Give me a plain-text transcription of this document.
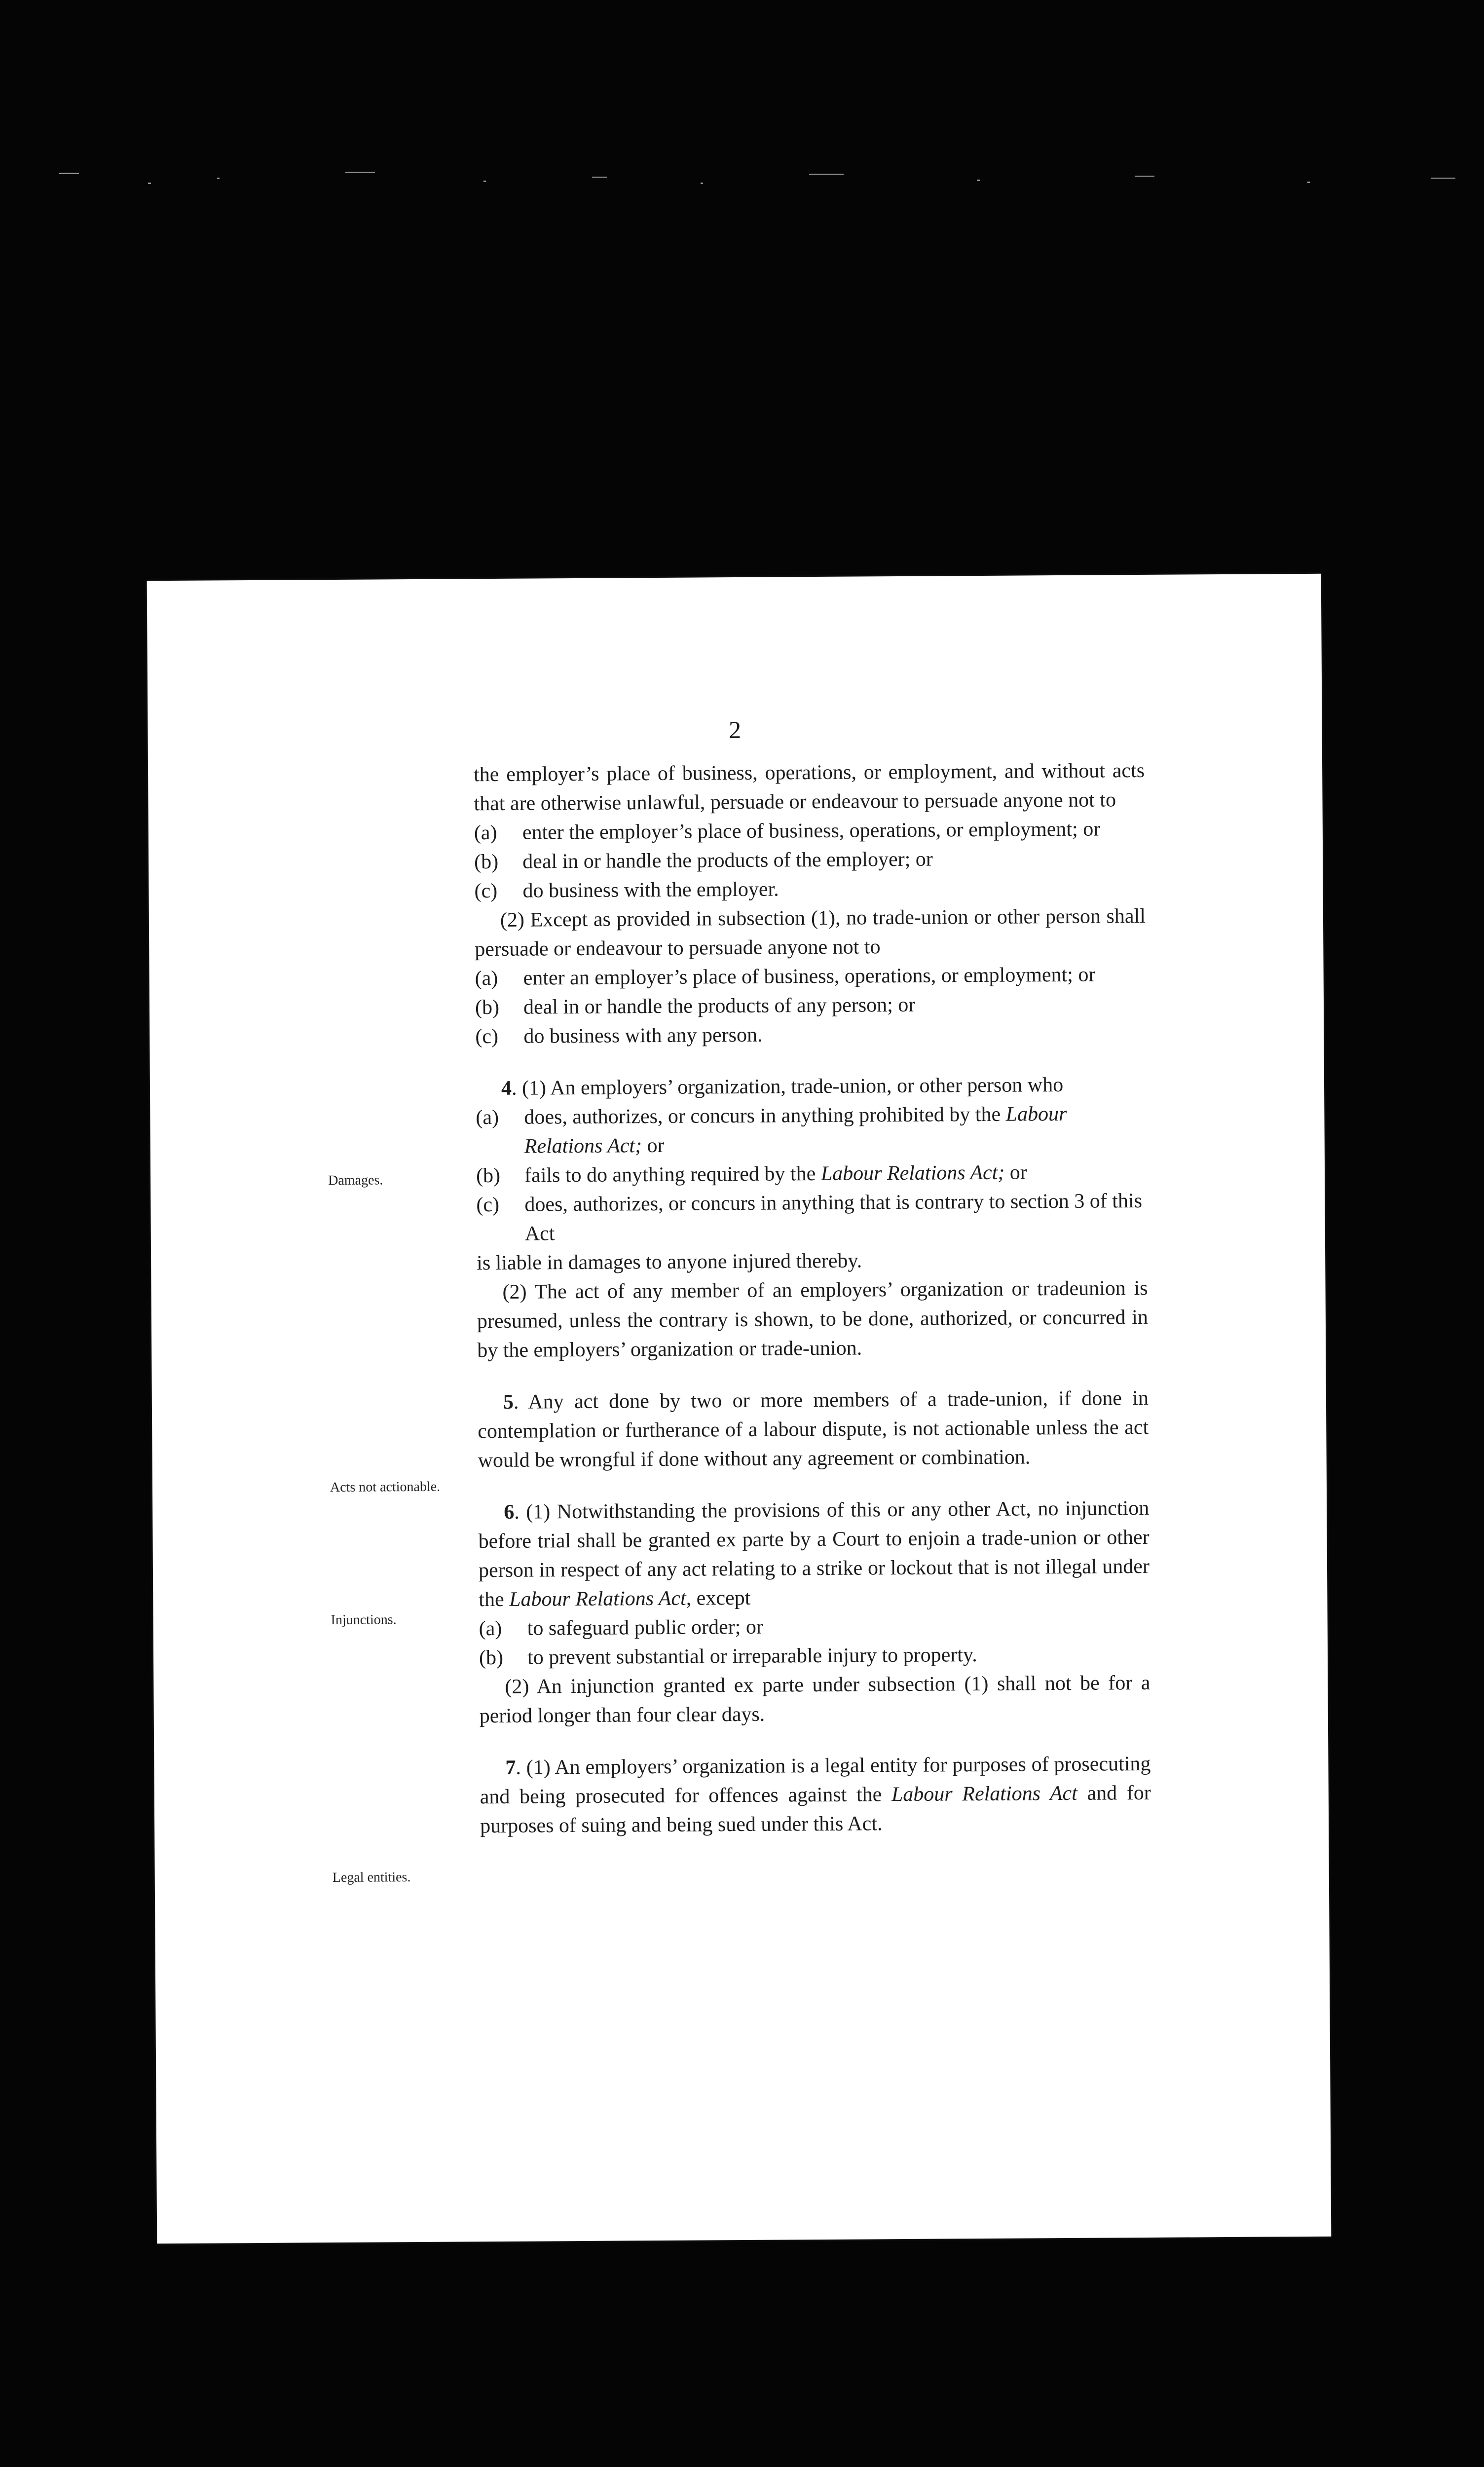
2
Damages.
Acts not actionable.
Injunctions.
Legal entities.

the employer’s place of business, operations, or employment, and without acts that are otherwise unlawful, persuade or endeavour to persuade anyone not to

(a) enter the employer’s place of business, operations, or employment; or

(b) deal in or handle the products of the employer; or

(c) do business with the employer.

(2) Except as provided in subsection (1), no trade-union or other person shall persuade or endeavour to persuade anyone not to

(a) enter an employer’s place of business, operations, or employment; or

(b) deal in or handle the products of any person; or

(c) do business with any person.

4. (1) An employers’ organization, trade-union, or other person who

(a) does, authorizes, or concurs in anything prohibited by the Labour Relations Act; or

(b) fails to do anything required by the Labour Relations Act; or

(c) does, authorizes, or concurs in anything that is contrary to section 3 of this Act

is liable in damages to anyone injured thereby.

(2) The act of any member of an employers’ organization or tradeunion is presumed, unless the contrary is shown, to be done, authorized, or concurred in by the employers’ organization or trade-union.

5. Any act done by two or more members of a trade-union, if done in contemplation or furtherance of a labour dispute, is not actionable unless the act would be wrongful if done without any agreement or combination.

6. (1) Notwithstanding the provisions of this or any other Act, no injunction before trial shall be granted ex parte by a Court to enjoin a trade-union or other person in respect of any act relating to a strike or lockout that is not illegal under the Labour Relations Act, except

(a) to safeguard public order; or

(b) to prevent substantial or irreparable injury to property.

(2) An injunction granted ex parte under subsection (1) shall not be for a period longer than four clear days.

7. (1) An employers’ organization is a legal entity for purposes of prosecuting and being prosecuted for offences against the Labour Relations Act and for purposes of suing and being sued under this Act.
